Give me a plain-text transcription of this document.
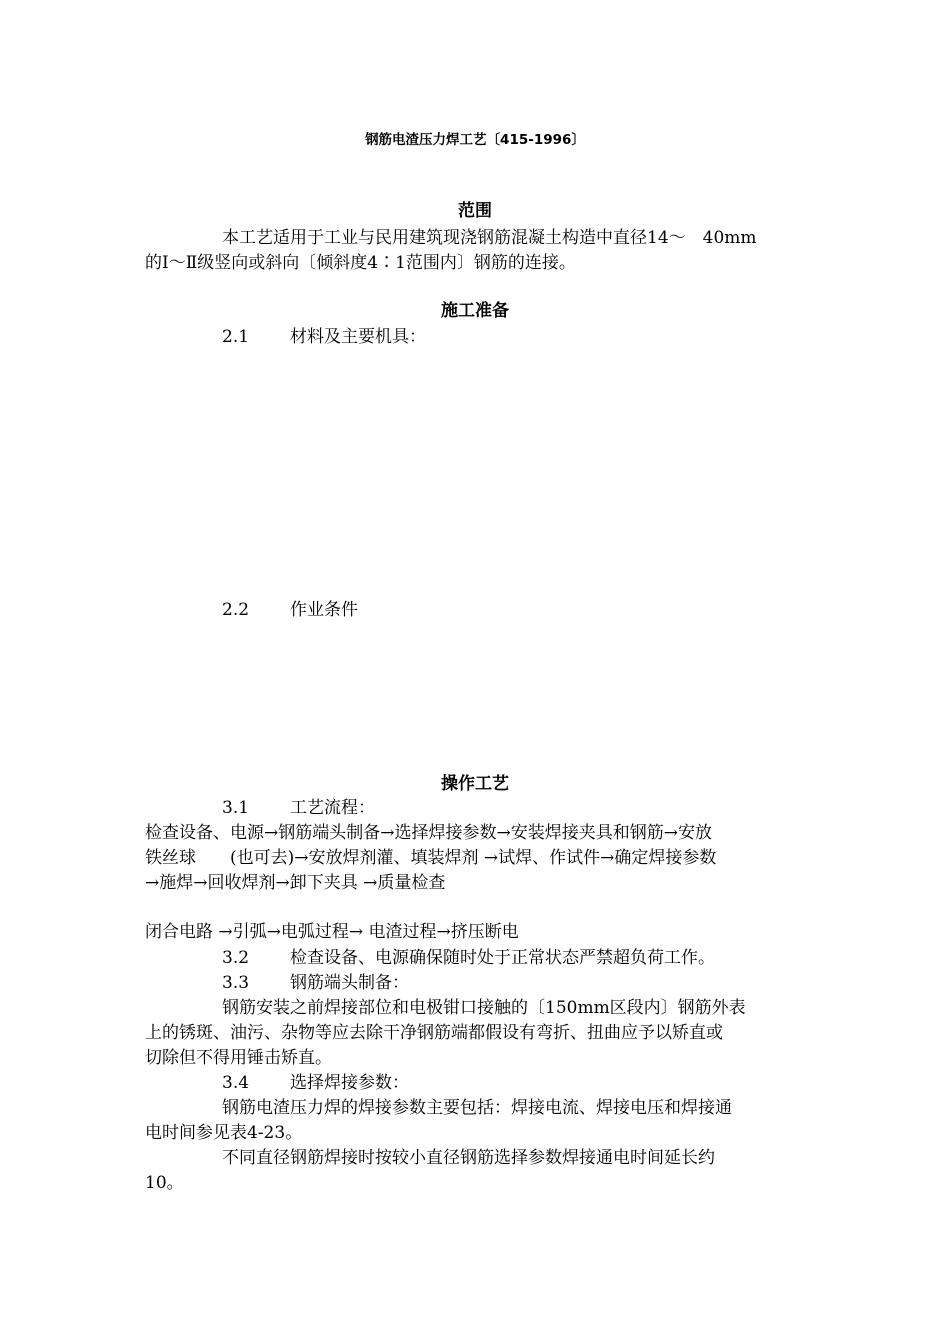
钢筋电渣压力焊工艺〔415-1996〕
范围
本工艺适用于工业与民用建筑现浇钢筋混凝土构造中直径14～　40mm
的Ⅰ～Ⅱ级竖向或斜向〔倾斜度4∶1范围内〕钢筋的连接。
施工准备
2.1 材料及主要机具：
2.2 作业条件
操作工艺
3.1 工艺流程：
检查设备、电源→钢筋端头制备→选择焊接参数→安装焊接夹具和钢筋→安放
铁丝球　　(也可去)→安放焊剂灌、填装焊剂 →试焊、作试件→确定焊接参数
→施焊→回收焊剂→卸下夹具 →质量检查
闭合电路 →引弧→电弧过程→ 电渣过程→挤压断电
3.2 检查设备、电源确保随时处于正常状态严禁超负荷工作。
3.3 钢筋端头制备：
钢筋安装之前焊接部位和电极钳口接触的〔150mm区段内〕钢筋外表
上的锈斑、油污、杂物等应去除干净钢筋端都假设有弯折、扭曲应予以矫直或
切除但不得用锤击矫直。
3.4 选择焊接参数：
钢筋电渣压力焊的焊接参数主要包括：焊接电流、焊接电压和焊接通
电时间参见表4-23。
不同直径钢筋焊接时按较小直径钢筋选择参数焊接通电时间延长约
10。
